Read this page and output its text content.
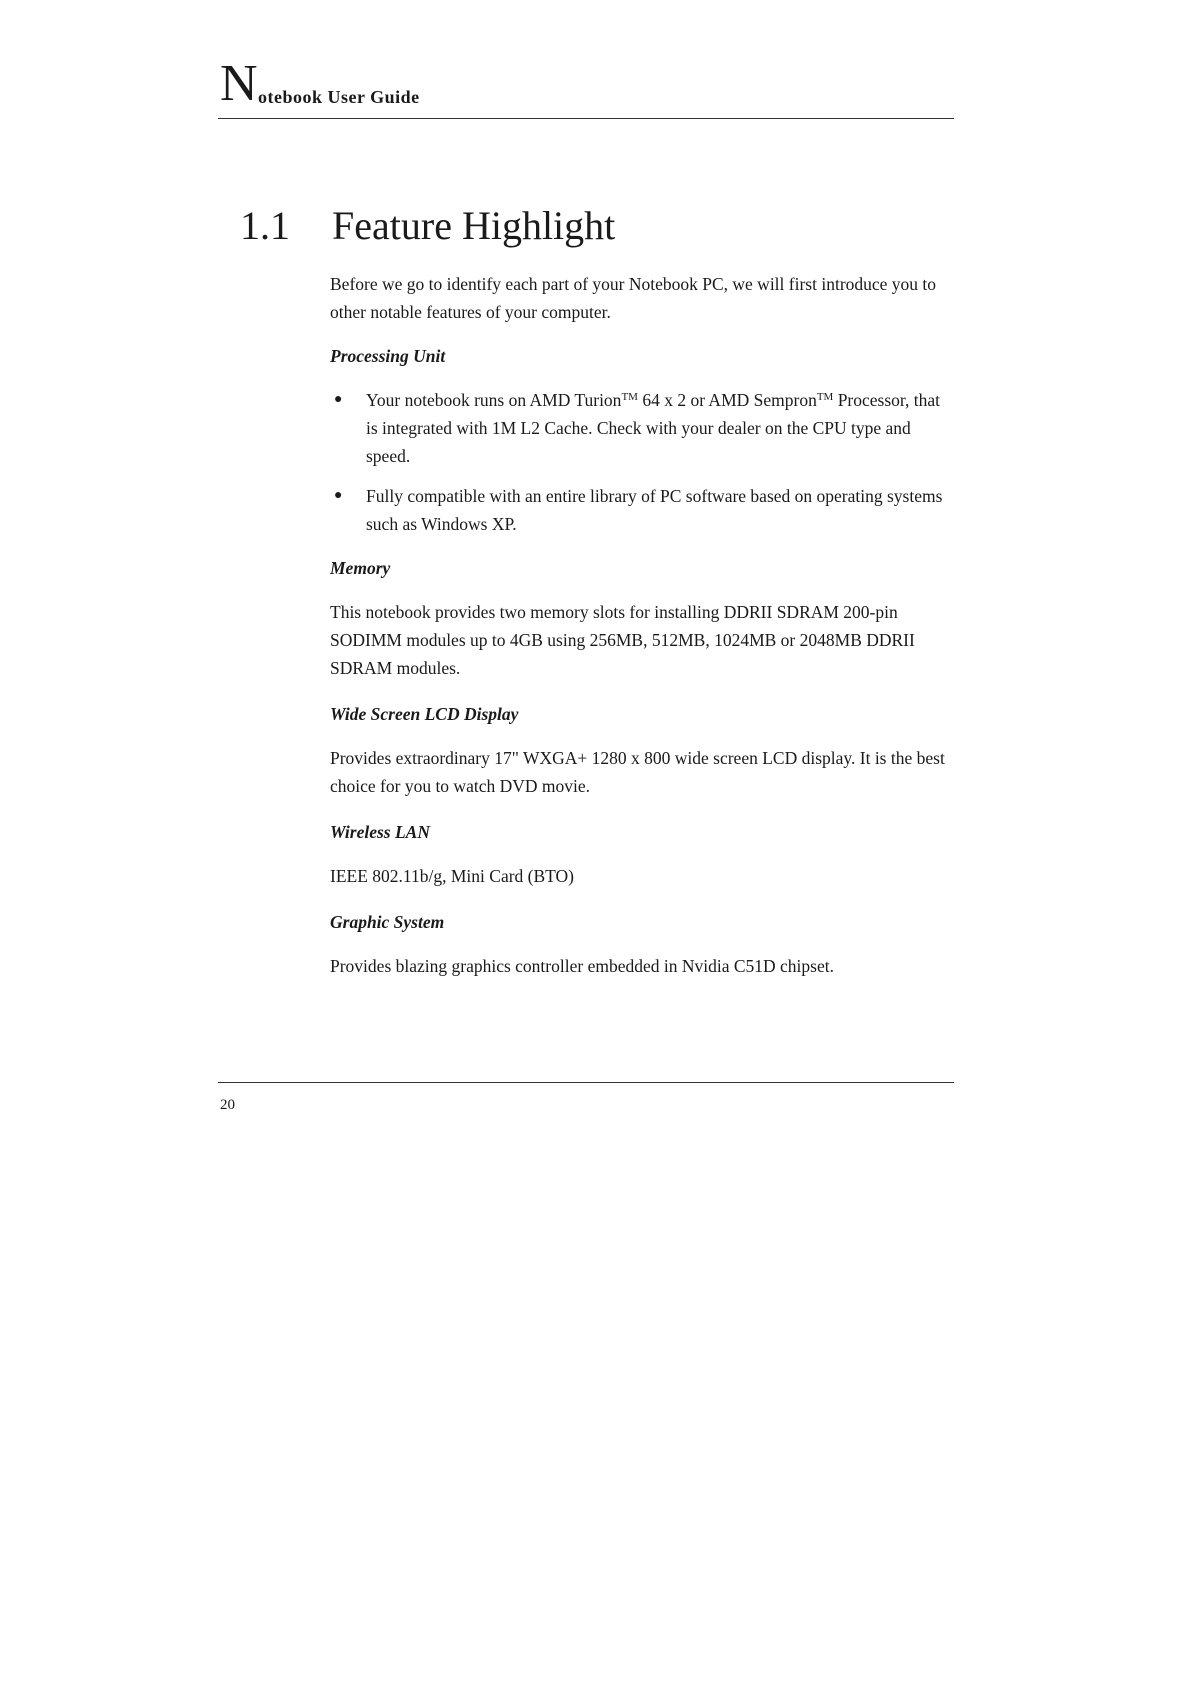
N otebook User Guide
1.1 Feature Highlight

Before we go to identify each part of your Notebook PC, we will first introduce you to other notable features of your computer.

Processing Unit

● Your notebook runs on AMD Turion™ 64 x 2 or AMD Sempron™ Processor, that is integrated with 1M L2 Cache. Check with your dealer on the CPU type and speed.
● Fully compatible with an entire library of PC software based on operating systems such as Windows XP.

Memory

This notebook provides two memory slots for installing DDRII SDRAM 200-pin SODIMM modules up to 4GB using 256MB, 512MB, 1024MB or 2048MB DDRII SDRAM modules.

Wide Screen LCD Display

Provides extraordinary 17" WXGA+ 1280 x 800 wide screen LCD display. It is the best choice for you to watch DVD movie.

Wireless LAN

IEEE 802.11b/g, Mini Card (BTO)

Graphic System

Provides blazing graphics controller embedded in Nvidia C51D chipset.

20
